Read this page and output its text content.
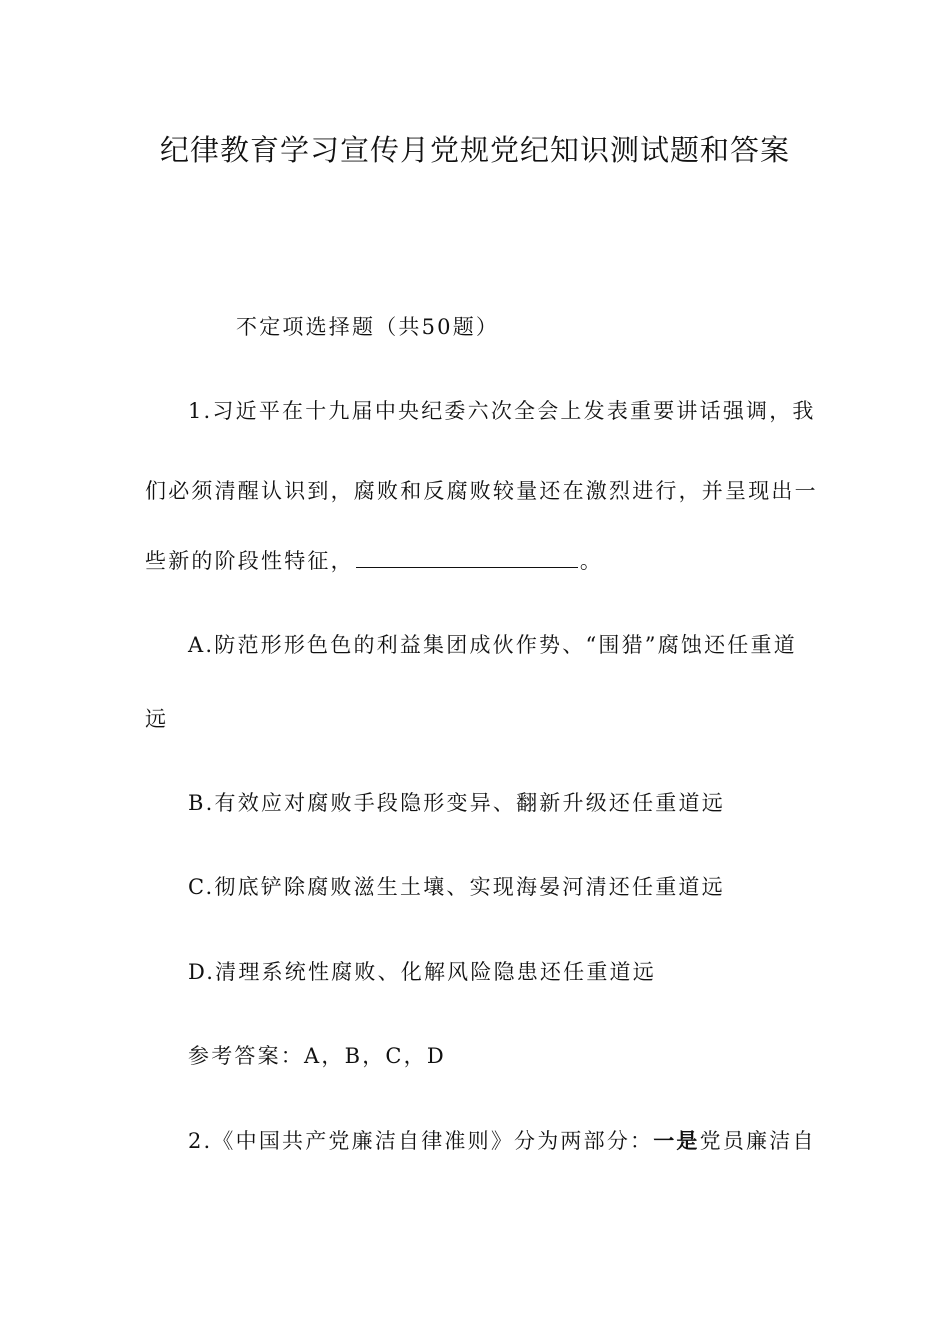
纪律教育学习宣传月党规党纪知识测试题和答案
不定项选择题（共50题）
1.习近平在十九届中央纪委六次全会上发表重要讲话强调，我
们必须清醒认识到，腐败和反腐败较量还在激烈进行，并呈现出一
些新的阶段性特征，	。
A.防范形形色色的利益集团成伙作势、“围猎”腐蚀还任重道
远
B.有效应对腐败手段隐形变异、翻新升级还任重道远
C.彻底铲除腐败滋生土壤、实现海晏河清还任重道远
D.清理系统性腐败、化解风险隐患还任重道远
参考答案：A，B，C，D
2.《中国共产党廉洁自律准则》分为两部分：一是党员廉洁自
